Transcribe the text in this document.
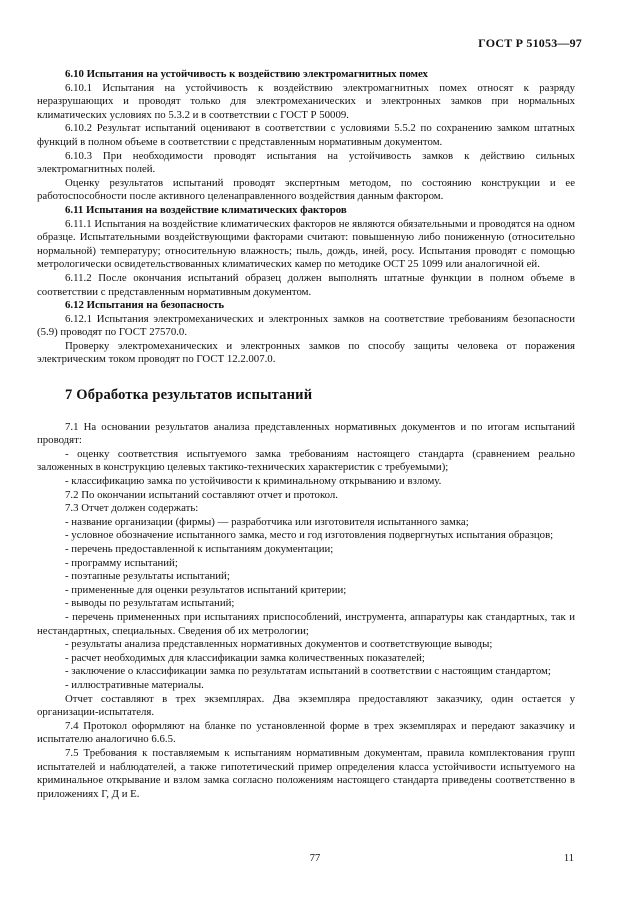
ГОСТ Р 51053—97

6.10 Испытания на устойчивость к воздействию электромагнитных помех

6.10.1 Испытания на устойчивость к воздействию электромагнитных помех относят к разряду неразрушающих и проводят только для электромеханических и электронных замков при нормальных климатических условиях по 5.3.2 и в соответствии с ГОСТ Р 50009.

6.10.2 Результат испытаний оценивают в соответствии с условиями 5.5.2 по сохранению замком штатных функций в полном объеме в соответствии с представленным нормативным документом.

6.10.3 При необходимости проводят испытания на устойчивость замков к действию сильных электромагнитных полей.

Оценку результатов испытаний проводят экспертным методом, по состоянию конструкции и ее работоспособности после активного целенаправленного воздействия данным фактором.

6.11 Испытания на воздействие климатических факторов

6.11.1 Испытания на воздействие климатических факторов не являются обязательными и проводятся на одном образце. Испытательными воздействующими факторами считают: повышенную либо пониженную (относительно нормальной) температуру; относительную влажность; пыль, дождь, иней, росу. Испытания проводят с помощью метрологически освидетельствованных климатических камер по методике ОСТ 25 1099 или аналогичной ей.

6.11.2 После окончания испытаний образец должен выполнять штатные функции в полном объеме в соответствии с представленным нормативным документом.

6.12 Испытания на безопасность

6.12.1 Испытания электромеханических и электронных замков на соответствие требованиям безопасности (5.9) проводят по ГОСТ 27570.0.

Проверку электромеханических и электронных замков по способу защиты человека от поражения электрическим током проводят по ГОСТ 12.2.007.0.

7 Обработка результатов испытаний

7.1 На основании результатов анализа представленных нормативных документов и по итогам испытаний проводят:

- оценку соответствия испытуемого замка требованиям настоящего стандарта (сравнением реально заложенных в конструкцию целевых тактико-технических характеристик с требуемыми);

- классификацию замка по устойчивости к криминальному открыванию и взлому.

7.2 По окончании испытаний составляют отчет и протокол.

7.3 Отчет должен содержать:

- название организации (фирмы) — разработчика или изготовителя испытанного замка;

- условное обозначение испытанного замка, место и год изготовления подвергнутых испытания образцов;

- перечень предоставленной к испытаниям документации;

- программу испытаний;

- поэтапные результаты испытаний;

- примененные для оценки результатов испытаний критерии;

- выводы по результатам испытаний;

- перечень примененных при испытаниях приспособлений, инструмента, аппаратуры как стандартных, так и нестандартных, специальных. Сведения об их метрологии;

- результаты анализа представленных нормативных документов и соответствующие выводы;

- расчет необходимых для классификации замка количественных показателей;

- заключение о классификации замка по результатам испытаний в соответствии с настоящим стандартом;

- иллюстративные материалы.

Отчет составляют в трех экземплярах. Два экземпляра предоставляют заказчику, один остается у организации-испытателя.

7.4 Протокол оформляют на бланке по установленной форме в трех экземплярах и передают заказчику и испытателю аналогично 6.6.5.

7.5 Требования к поставляемым к испытаниям нормативным документам, правила комплектования групп испытателей и наблюдателей, а также гипотетический пример определения класса устойчивости испытуемого на криминальное открывание и взлом замка согласно положениям настоящего стандарта приведены соответственно в приложениях Г, Д и Е.

77	11
